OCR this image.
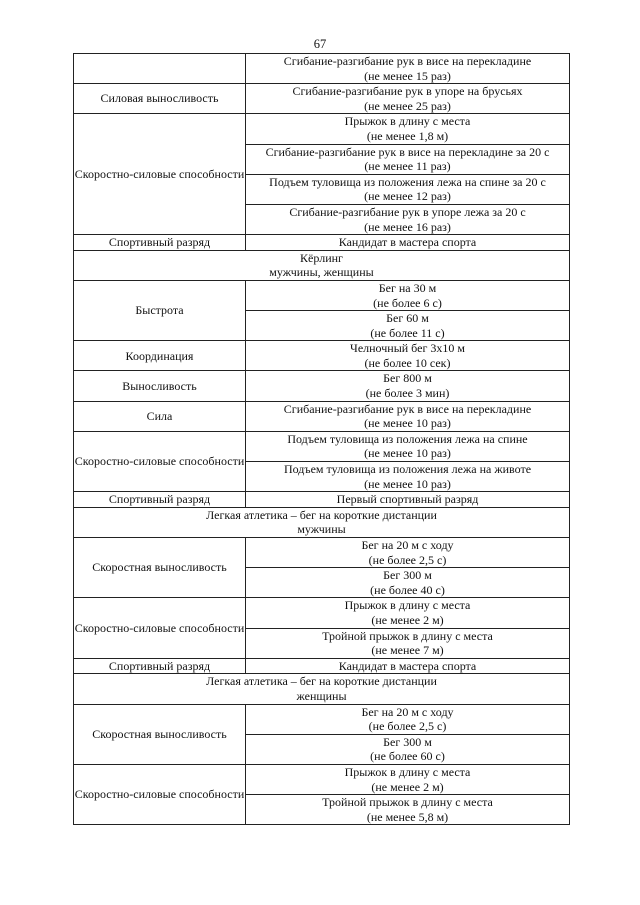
67

	Сгибание-разгибание рук в висе на перекладине
(не менее 15 раз)

Силовая выносливость	Сгибание-разгибание рук в упоре на брусьях
(не менее 25 раз)

Скоростно-силовые способности	Прыжок в длину с места
(не менее 1,8 м)

	Сгибание-разгибание рук в висе на перекладине за 20 с
(не менее 11 раз)

	Подъем туловища из положения лежа на спине за 20 с
(не менее 12 раз)

	Сгибание-разгибание рук в упоре лежа за 20 с
(не менее 16 раз)

Спортивный разряд	Кандидат в мастера спорта

Кёрлинг
мужчины, женщины	

Быстрота	Бег на 30 м
(не более 6 с)

	Бег 60 м
(не более 11 с)

Координация	Челночный бег 3х10 м
(не более 10 сек)

Выносливость	Бег 800 м
(не более 3 мин)

Сила	Сгибание-разгибание рук в висе на перекладине
(не менее 10 раз)

Скоростно-силовые способности	Подъем туловища из положения лежа на спине
(не менее 10 раз)

	Подъем туловища из положения лежа на животе
(не менее 10 раз)

Спортивный разряд	Первый спортивный разряд

Легкая атлетика – бег на короткие дистанции
мужчины	

Скоростная выносливость	Бег на 20 м с ходу
(не более 2,5 с)

	Бег 300 м
(не более 40 с)

Скоростно-силовые способности	Прыжок в длину с места
(не менее 2 м)

	Тройной прыжок в длину с места
(не менее 7 м)

Спортивный разряд	Кандидат в мастера спорта

Легкая атлетика – бег на короткие дистанции
женщины	

Скоростная выносливость	Бег на 20 м с ходу
(не более 2,5 с)

	Бег 300 м
(не более 60 с)

Скоростно-силовые способности	Прыжок в длину с места
(не менее 2 м)

	Тройной прыжок в длину с места
(не менее 5,8 м)
